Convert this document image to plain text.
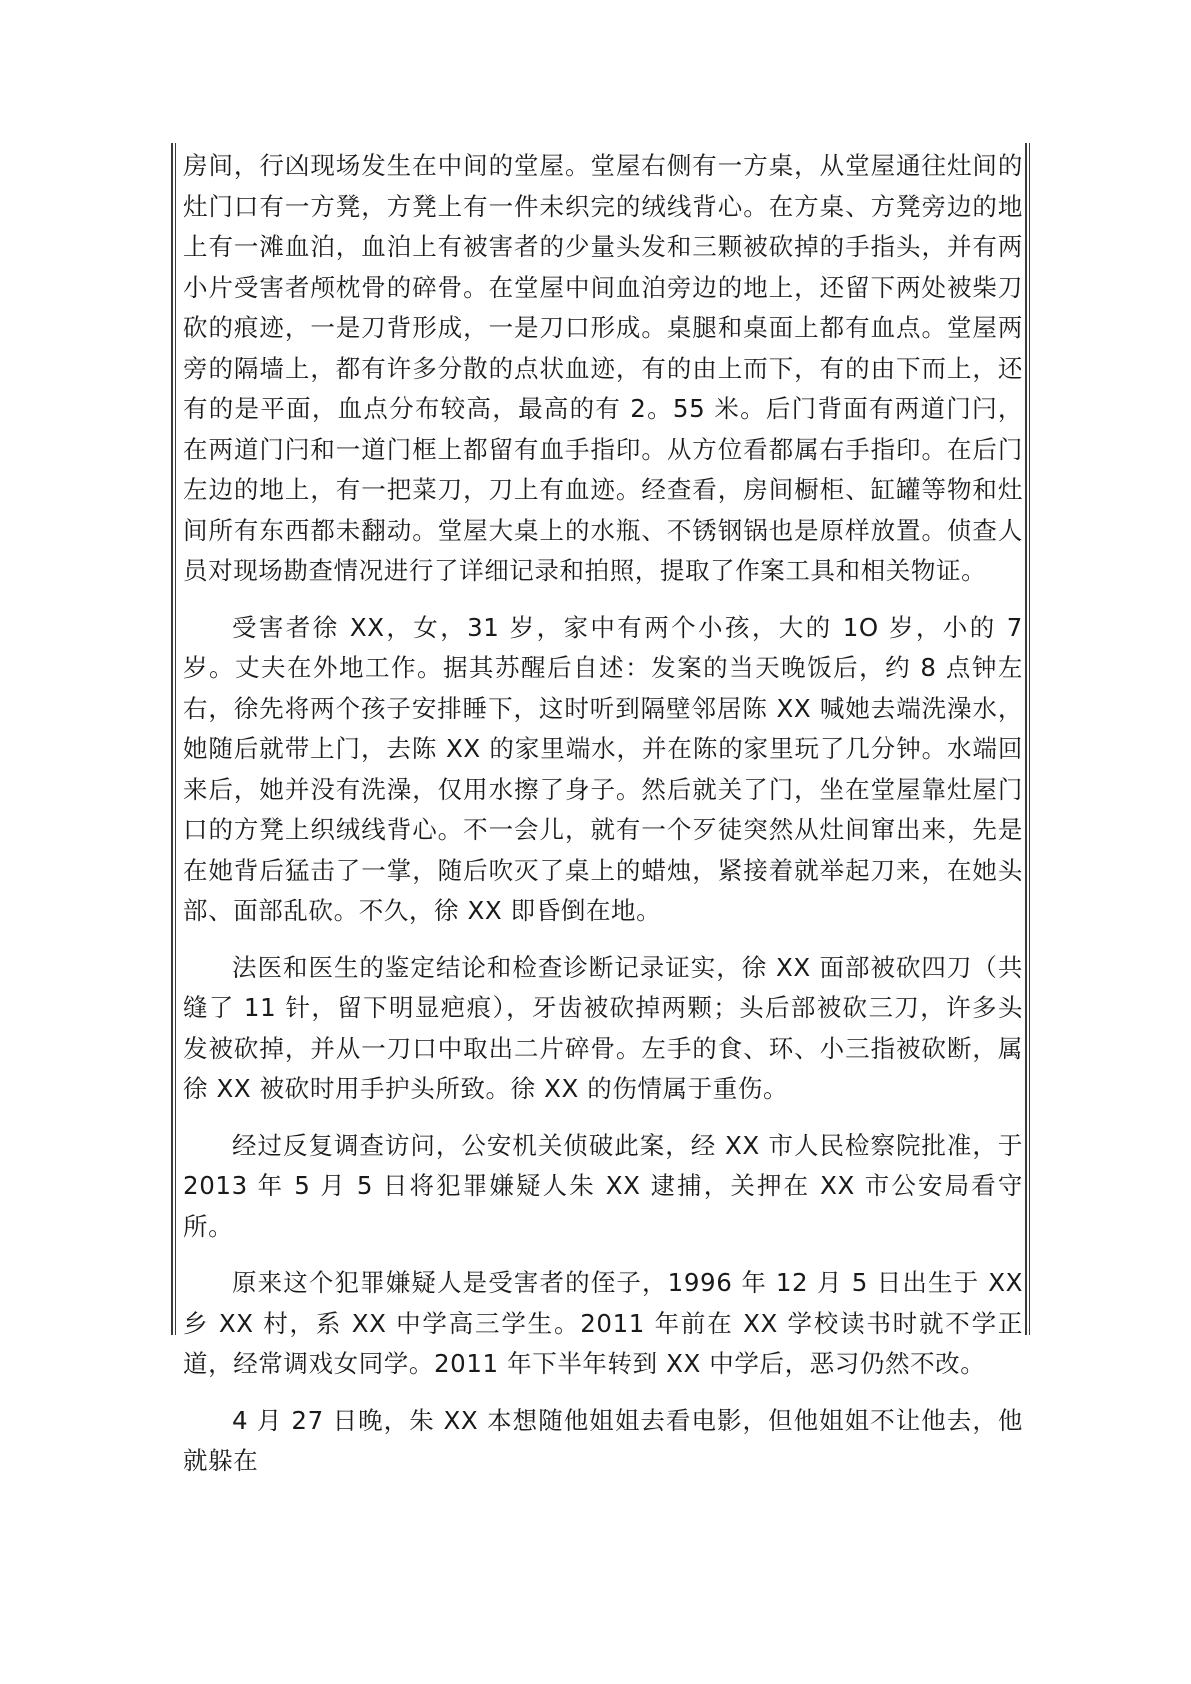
房间，行凶现场发生在中间的堂屋。堂屋右侧有一方桌，从堂屋通往灶间的灶门口有一方凳，方凳上有一件未织完的绒线背心。在方桌、方凳旁边的地上有一滩血泊，血泊上有被害者的少量头发和三颗被砍掉的手指头，并有两小片受害者颅枕骨的碎骨。在堂屋中间血泊旁边的地上，还留下两处被柴刀砍的痕迹，一是刀背形成，一是刀口形成。桌腿和桌面上都有血点。堂屋两旁的隔墙上，都有许多分散的点状血迹，有的由上而下，有的由下而上，还有的是平面，血点分布较高，最高的有 2。55 米。后门背面有两道门闩，在两道门闩和一道门框上都留有血手指印。从方位看都属右手指印。在后门左边的地上，有一把菜刀，刀上有血迹。经查看，房间橱柜、缸罐等物和灶间所有东西都未翻动。堂屋大桌上的水瓶、不锈钢锅也是原样放置。侦查人员对现场勘查情况进行了详细记录和拍照，提取了作案工具和相关物证。

受害者徐 XX，女，31 岁，家中有两个小孩，大的 1O 岁，小的 7 岁。丈夫在外地工作。据其苏醒后自述：发案的当天晚饭后，约 8 点钟左右，徐先将两个孩子安排睡下，这时听到隔壁邻居陈 XX 喊她去端洗澡水，她随后就带上门，去陈 XX 的家里端水，并在陈的家里玩了几分钟。水端回来后，她并没有洗澡，仅用水擦了身子。然后就关了门，坐在堂屋靠灶屋门口的方凳上织绒线背心。不一会儿，就有一个歹徒突然从灶间窜出来，先是在她背后猛击了一掌，随后吹灭了桌上的蜡烛，紧接着就举起刀来，在她头部、面部乱砍。不久，徐 XX 即昏倒在地。

法医和医生的鉴定结论和检查诊断记录证实，徐 XX 面部被砍四刀（共缝了 11 针，留下明显疤痕），牙齿被砍掉两颗；头后部被砍三刀，许多头发被砍掉，并从一刀口中取出二片碎骨。左手的食、环、小三指被砍断，属徐 XX 被砍时用手护头所致。徐 XX 的伤情属于重伤。

经过反复调查访问，公安机关侦破此案，经 XX 市人民检察院批准，于 2013 年 5 月 5 日将犯罪嫌疑人朱 XX 逮捕，关押在 XX 市公安局看守所。

原来这个犯罪嫌疑人是受害者的侄子，1996 年 12 月 5 日出生于 XX 乡 XX 村，系 XX 中学高三学生。2011 年前在 XX 学校读书时就不学正道，经常调戏女同学。2011 年下半年转到 XX 中学后，恶习仍然不改。

4 月 27 日晚，朱 XX 本想随他姐姐去看电影，但他姐姐不让他去，他就躲在
